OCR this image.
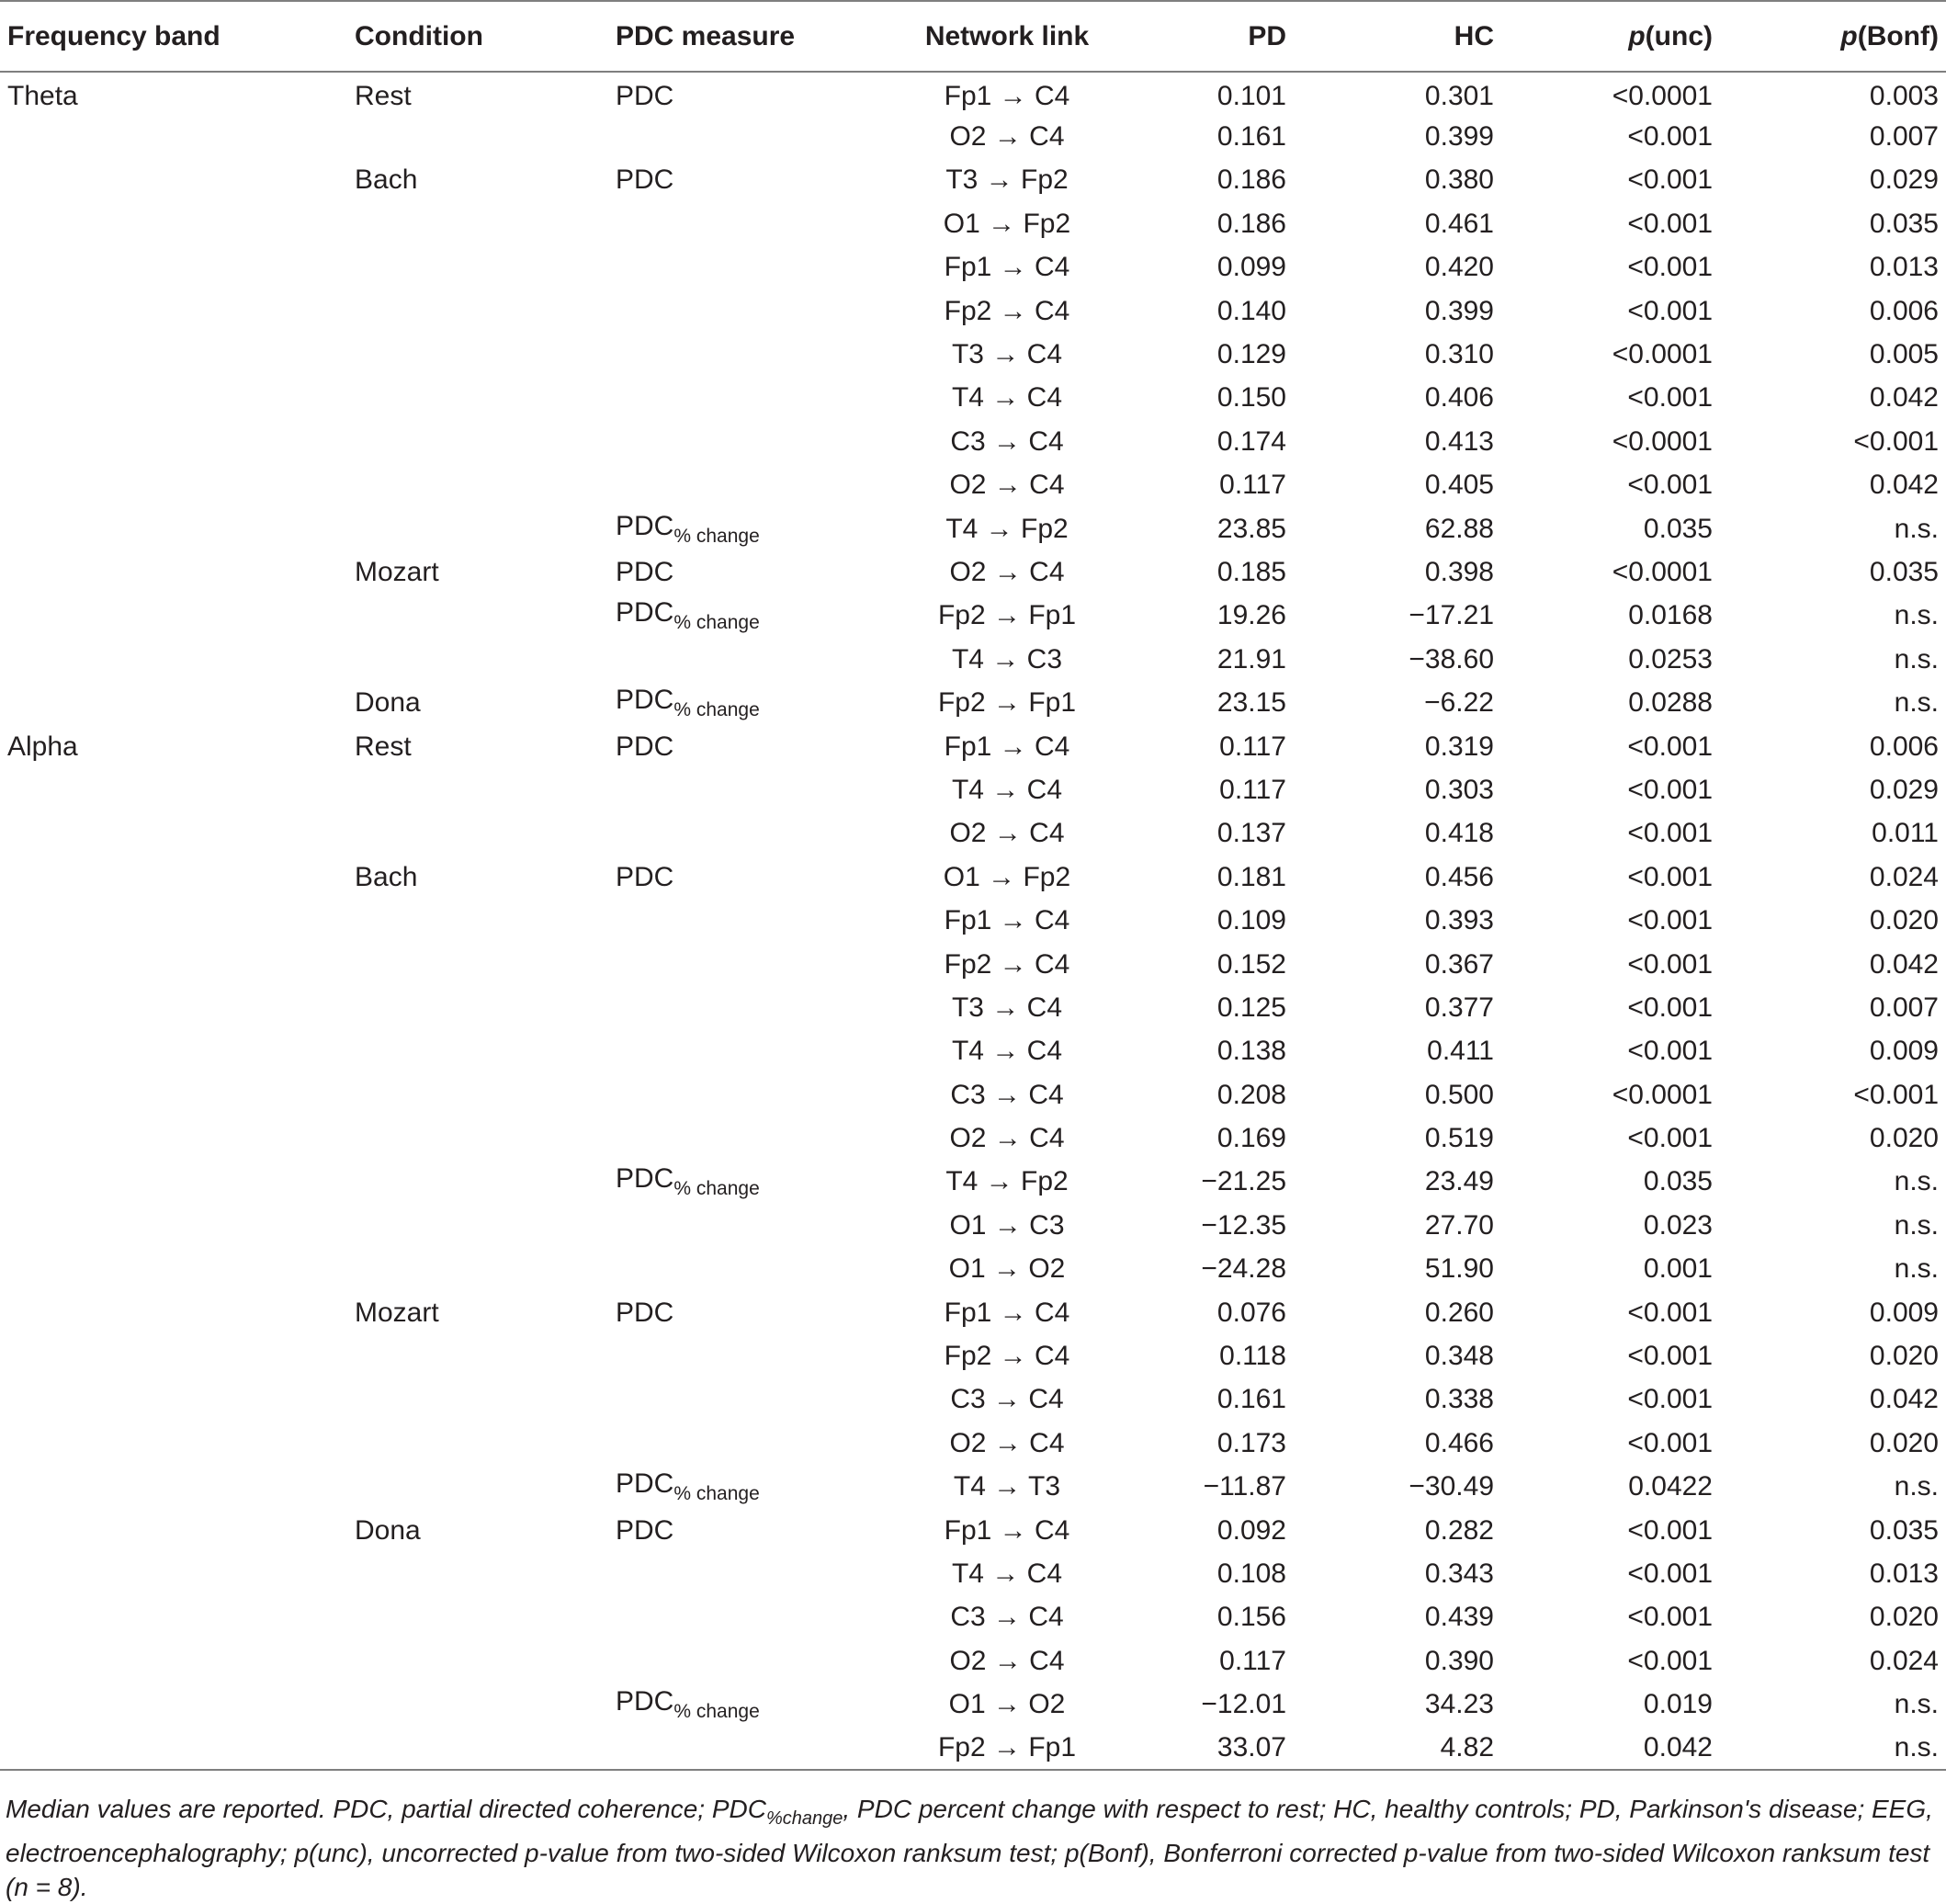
Frequency band	Condition	PDC measure	Network link	PD	HC	p(unc)	p(Bonf)
Theta	Rest	PDC	Fp1 → C4	0.101	0.301	<0.0001	0.003
			O2 → C4	0.161	0.399	<0.001	0.007
	Bach	PDC	T3 → Fp2	0.186	0.380	<0.001	0.029
			O1 → Fp2	0.186	0.461	<0.001	0.035
			Fp1 → C4	0.099	0.420	<0.001	0.013
			Fp2 → C4	0.140	0.399	<0.001	0.006
			T3 → C4	0.129	0.310	<0.0001	0.005
			T4 → C4	0.150	0.406	<0.001	0.042
			C3 → C4	0.174	0.413	<0.0001	<0.001
			O2 → C4	0.117	0.405	<0.001	0.042
		$PDC_{\% change}$	T4 → Fp2	23.85	62.88	0.035	n.s.
	Mozart	PDC	O2 → C4	0.185	0.398	<0.0001	0.035
		$PDC_{\% change}$	Fp2 → Fp1	19.26	−17.21	0.0168	n.s.
			T4 → C3	21.91	−38.60	0.0253	n.s.
	Dona	$PDC_{\% change}$	Fp2 → Fp1	23.15	−6.22	0.0288	n.s.
Alpha	Rest	PDC	Fp1 → C4	0.117	0.319	<0.001	0.006
			T4 → C4	0.117	0.303	<0.001	0.029
			O2 → C4	0.137	0.418	<0.001	0.011
	Bach	PDC	O1 → Fp2	0.181	0.456	<0.001	0.024
			Fp1 → C4	0.109	0.393	<0.001	0.020
			Fp2 → C4	0.152	0.367	<0.001	0.042
			T3 → C4	0.125	0.377	<0.001	0.007
			T4 → C4	0.138	0.411	<0.001	0.009
			C3 → C4	0.208	0.500	<0.0001	<0.001
			O2 → C4	0.169	0.519	<0.001	0.020
		$PDC_{\% change}$	T4 → Fp2	−21.25	23.49	0.035	n.s.
			O1 → C3	−12.35	27.70	0.023	n.s.
			O1 → O2	−24.28	51.90	0.001	n.s.
	Mozart	PDC	Fp1 → C4	0.076	0.260	<0.001	0.009
			Fp2 → C4	0.118	0.348	<0.001	0.020
			C3 → C4	0.161	0.338	<0.001	0.042
			O2 → C4	0.173	0.466	<0.001	0.020
		$PDC_{\% change}$	T4 → T3	−11.87	−30.49	0.0422	n.s.
	Dona	PDC	Fp1 → C4	0.092	0.282	<0.001	0.035
			T4 → C4	0.108	0.343	<0.001	0.013
			C3 → C4	0.156	0.439	<0.001	0.020
			O2 → C4	0.117	0.390	<0.001	0.024
		$PDC_{\% change}$	O1 → O2	−12.01	34.23	0.019	n.s.
			Fp2 → Fp1	33.07	4.82	0.042	n.s.
Median values are reported. PDC, partial directed coherence; $PDC_{\%change}$, PDC percent change with respect to rest; HC, healthy controls; PD, Parkinson's disease; EEG, electroencephalography; p(unc), uncorrected p-value from two-sided Wilcoxon ranksum test; p(Bonf), Bonferroni corrected p-value from two-sided Wilcoxon ranksum test (n = 8).
